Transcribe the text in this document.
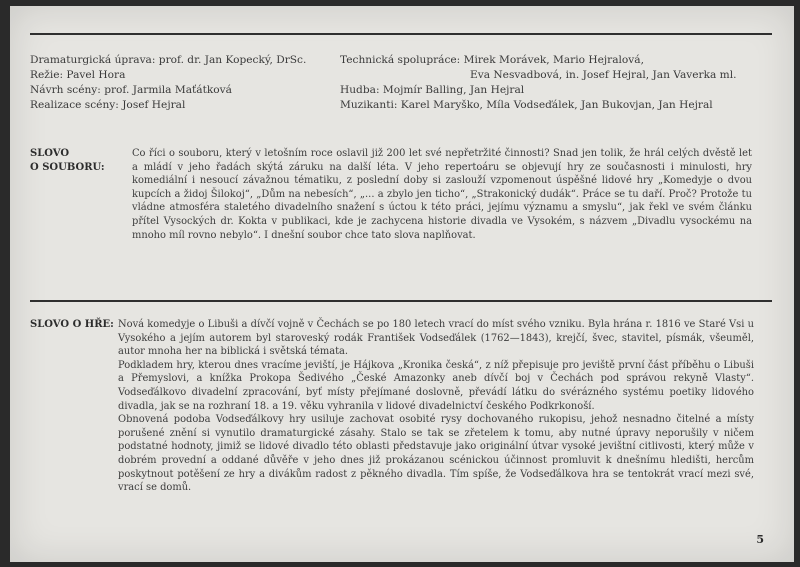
Dramaturgická úprava: prof. dr. Jan Kopecký, DrSc.
Režie: Pavel Hora
Návrh scény: prof. Jarmila Maťátková
Realizace scény: Josef Hejral
Technická spolupráce: Mirek Morávek, Mario Hejralová,
Eva Nesvadbová, in. Josef Hejral, Jan Vaverka ml.
Hudba: Mojmír Balling, Jan Hejral
Muzikanti: Karel Maryško, Míla Vodseďálek, Jan Bukovjan, Jan Hejral
SLOVO
O SOUBORU:
Co říci o souboru, který v letošním roce oslavil již 200 let své nepřetržité činnosti? Snad jen tolik, že hrál celých dvěstě let a mládí v jeho řadách skýtá záruku na další léta. V jeho repertoáru se objevují hry ze současnosti i minulosti, hry komediální i nesoucí závažnou tématiku, z poslední doby si zaslouží vzpomenout úspěšné lidové hry „Komedyje o dvou kupcích a židoj Šilokoj“, „Dům na nebesích“, „... a zbylo jen ticho“, „Strakonický dudák“. Práce se tu daří. Proč? Protože tu vládne atmosféra staletého divadelního snažení s úctou k této práci, jejímu významu a smyslu“, jak řekl ve svém článku přítel Vysockých dr. Kokta v publikaci, kde je zachycena historie divadla ve Vysokém, s názvem „Divadlu vysockému na mnoho míl rovno nebylo“. I dnešní soubor chce tato slova naplňovat.
SLOVO O HŘE: Nová komedyje o Libuši a dívčí vojně v Čechách se po 180 letech vrací do míst svého vzniku. Byla hrána r. 1816 ve Staré Vsi u Vysokého a jejím autorem byl staroveský rodák František Vodseďálek (1762—1843), krejčí, švec, stavitel, písmák, všeuměl, autor mnoha her na biblická i světská témata.

Podkladem hry, kterou dnes vracíme jeviští, je Hájkova „Kronika česká“, z níž přepisuje pro jeviště první část příběhu o Libuši a Přemyslovi, a knížka Prokopa Šedivého „České Amazonky aneb dívčí boj v Čechách pod správou rekyně Vlasty“. Vodseďálkovo divadelní zpracování, byť místy přejímané doslovně, převádí látku do svérázného systému poetiky lidového divadla, jak se na rozhraní 18. a 19. věku vyhranila v lidové divadelnictví českého Podkrkonoší.

Obnovená podoba Vodseďálkovy hry usiluje zachovat osobité rysy dochovaného rukopisu, jehož nesnadno čitelné a místy porušené znění si vynutilo dramaturgické zásahy. Stalo se tak se zřetelem k tomu, aby nutné úpravy neporušily v ničem podstatné hodnoty, jimiž se lidové divadlo této oblasti představuje jako originální útvar vysoké jevištní citlivosti, který může v dobrém provední a oddané důvěře v jeho dnes již prokázanou scénickou účinnost promluvit k dnešnímu hledišti, hercům poskytnout potěšení ze hry a divákům radost z pěkného divadla. Tím spíše, že Vodseďálkova hra se tentokrát vrací mezi své, vrací se domů.

5
